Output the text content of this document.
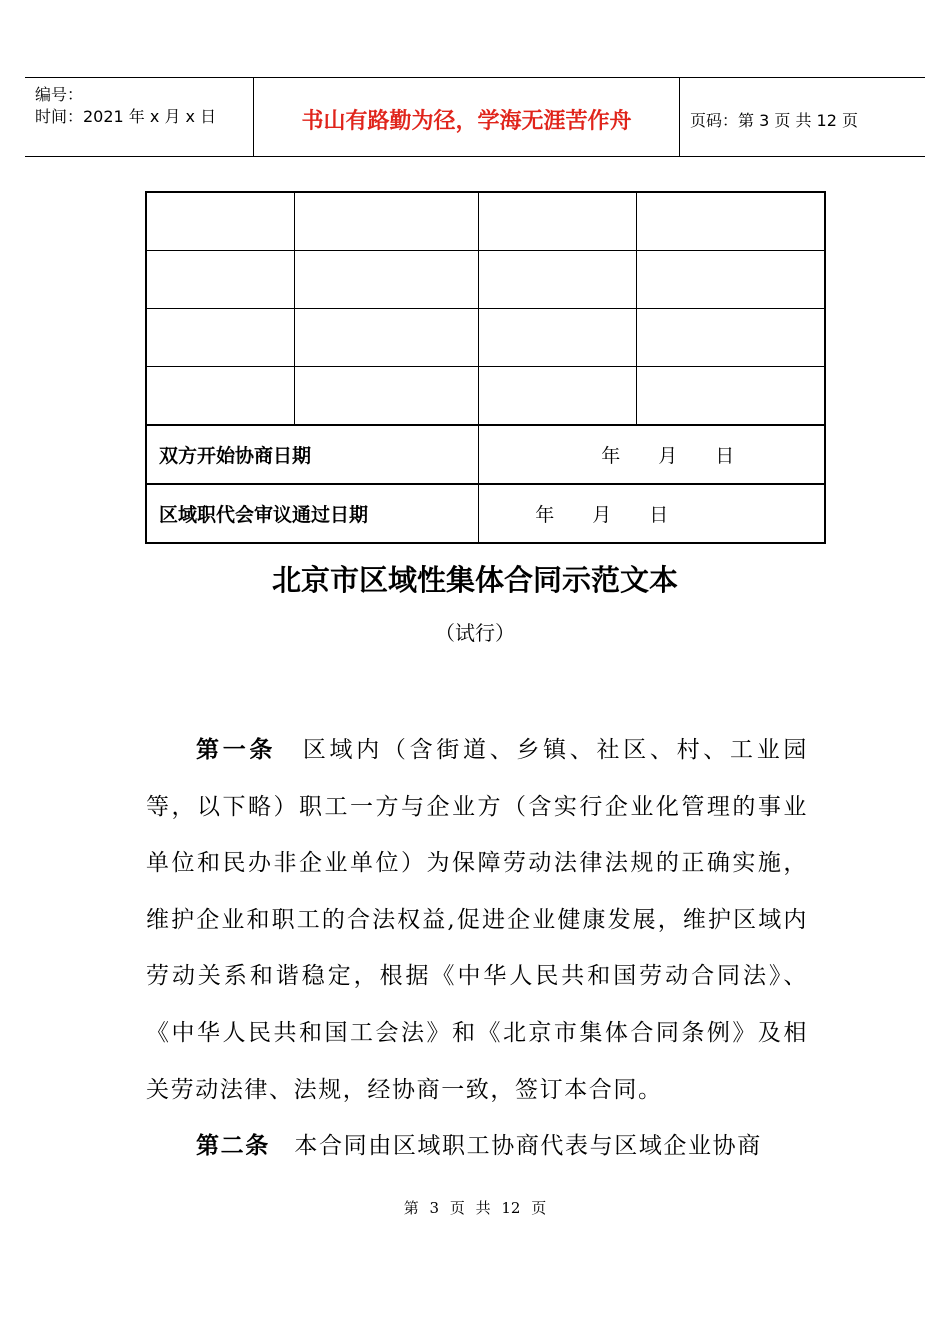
编号：
时间：2021 年 x 月 x 日	书山有路勤为径，学海无涯苦作舟	页码：第 3 页 共 12 页

双方开始协商日期		年　　月　　日	
区域职代会审议通过日期		年　　月　　日	
北京市区域性集体合同示范文本
（试行）

第一条  区域内（含街道、乡镇、社区、村、工业园等，以下略）职工一方与企业方（含实行企业化管理的事业单位和民办非企业单位）为保障劳动法律法规的正确实施，维护企业和职工的合法权益,促进企业健康发展，维护区域内劳动关系和谐稳定，根据《中华人民共和国劳动合同法》、《中华人民共和国工会法》和《北京市集体合同条例》及相关劳动法律、法规，经协商一致，签订本合同。

第二条  本合同由区域职工协商代表与区域企业协商

第 3 页 共 12 页
